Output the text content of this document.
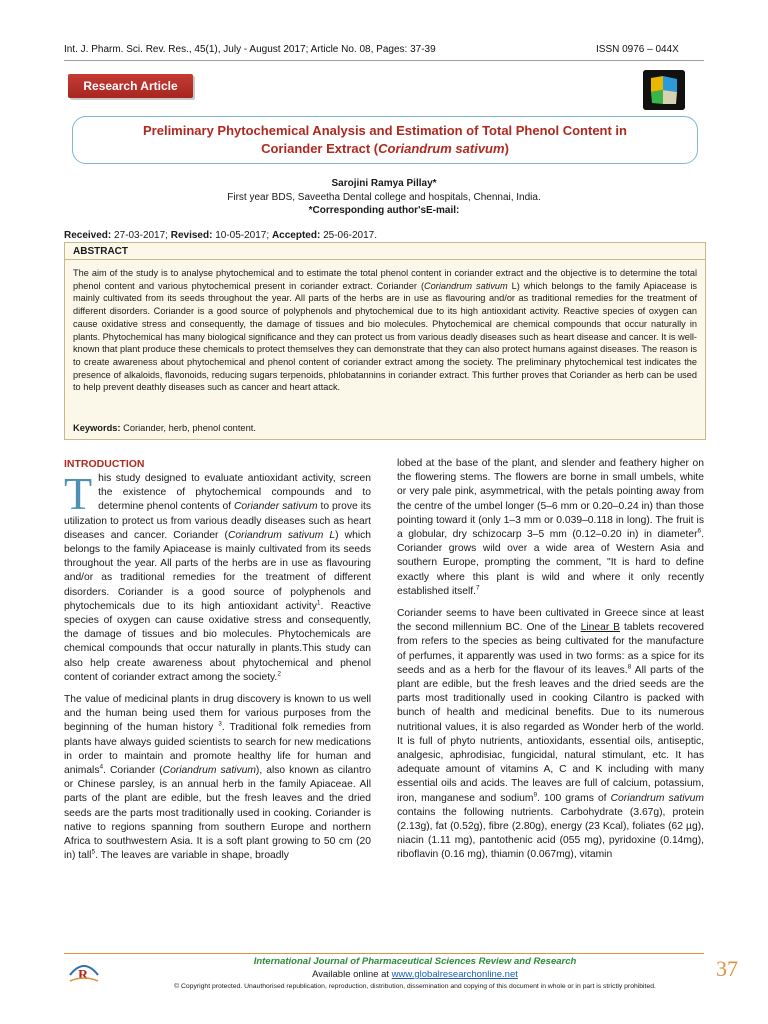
Int. J. Pharm. Sci. Rev. Res., 45(1), July - August 2017; Article No. 08, Pages: 37-39	ISSN 0976 – 044X
Research Article
Preliminary Phytochemical Analysis and Estimation of Total Phenol Content in
Coriander Extract (Coriandrum sativum)
Sarojini Ramya Pillay*
First year BDS, Saveetha Dental college and hospitals, Chennai, India.
*Corresponding author'sE-mail:
Received: 27-03-2017; Revised: 10-05-2017; Accepted: 25-06-2017.
ABSTRACT
The aim of the study is to analyse phytochemical and to estimate the total phenol content in coriander extract and the objective is to determine the total phenol content and various phytochemical present in coriander extract. Coriander (Coriandrum sativum L) which belongs to the family Apiacease is mainly cultivated from its seeds throughout the year. All parts of the herbs are in use as flavouring and/or as traditional remedies for the treatment of different disorders. Coriander is a good source of polyphenols and phytochemical due to its high antioxidant activity. Reactive species of oxygen can cause oxidative stress and consequently, the damage of tissues and bio molecules. Phytochemical are chemical compounds that occur naturally in plants. Phytochemical has many biological significance and they can protect us from various deadly diseases such as heart disease and cancer. It is well-known that plant produce these chemicals to protect themselves they can demonstrate that they can also protect humans against diseases. The reason is to create awareness about phytochemical and phenol content of coriander extract among the society. The preliminary phytochemical test indicates the presence of alkaloids, flavonoids, reducing sugars terpenoids, phlobatannins in coriander extract. This further proves that Coriander as herb can be used to help prevent deathly diseases such as cancer and heart attack.
Keywords: Coriander, herb, phenol content.
INTRODUCTION

This study designed to evaluate antioxidant activity, screen the existence of phytochemical compounds and to determine phenol contents of Coriander sativum to prove its utilization to protect us from various deadly diseases such as heart diseases and cancer. Coriander (Coriandrum sativum L) which belongs to the family Apiacease is mainly cultivated from its seeds throughout the year. All parts of the herbs are in use as flavouring and/or as traditional remedies for the treatment of different disorders. Coriander is a good source of polyphenols and phytochemicals due to its high antioxidant activity$^1$. Reactive species of oxygen can cause oxidative stress and consequently, the damage of tissues and bio molecules. Phytochemicals are chemical compounds that occur naturally in plants.This study can also help create awareness about phytochemical and phenol content of coriander extract among the society.$^2$

The value of medicinal plants in drug discovery is known to us well and the human being used them for various purposes from the beginning of the human history $^3$. Traditional folk remedies from plants have always guided scientists to search for new medications in order to maintain and promote healthy life for human and animals$^4$. Coriander (Coriandrum sativum), also known as cilantro or Chinese parsley, is an annual herb in the family Apiaceae. All parts of the plant are edible, but the fresh leaves and the dried seeds are the parts most traditionally used in cooking. Coriander is native to regions spanning from southern Europe and northern Africa to southwestern Asia. It is a soft plant growing to 50 cm (20 in) tall$^5$. The leaves are variable in shape, broadly

lobed at the base of the plant, and slender and feathery higher on the flowering stems. The flowers are borne in small umbels, white or very pale pink, asymmetrical, with the petals pointing away from the centre of the umbel longer (5–6 mm or 0.20–0.24 in) than those pointing toward it (only 1–3 mm or 0.039–0.118 in long). The fruit is a globular, dry schizocarp 3–5 mm (0.12–0.20 in) in diameter$^6$. Coriander grows wild over a wide area of Western Asia and southern Europe, prompting the comment, "It is hard to define exactly where this plant is wild and where it only recently established itself.$^7$

Coriander seems to have been cultivated in Greece since at least the second millennium BC. One of the Linear B tablets recovered from refers to the species as being cultivated for the manufacture of perfumes, it apparently was used in two forms: as a spice for its seeds and as a herb for the flavour of its leaves.$^8$ All parts of the plant are edible, but the fresh leaves and the dried seeds are the parts most traditionally used in cooking Cilantro is packed with bunch of health and medicinal benefits. Due to its numerous nutritional values, it is also regarded as Wonder herb of the world. It is full of phyto nutrients, antioxidants, essential oils, antiseptic, analgesic, aphrodisiac, fungicidal, natural stimulant, etc. It has adequate amount of vitamins A, C and K including with many essential oils and acids. The leaves are full of calcium, potassium, iron, manganese and sodium$^9$. 100 grams of Coriandrum sativum contains the following nutrients. Carbohydrate (3.67g), protein (2.13g), fat (0.52g), fibre (2.80g), energy (23 Kcal), foliates (62 µg), niacin (1.11 mg), pantothenic acid (055 mg), pyridoxine (0.14mg), riboflavin (0.16 mg), thiamin (0.067mg), vitamin

R
International Journal of Pharmaceutical Sciences Review and Research
Available online at www.globalresearchonline.net
© Copyright protected. Unauthorised republication, reproduction, distribution, dissemination and copying of this document in whole or in part is strictly prohibited.
37
